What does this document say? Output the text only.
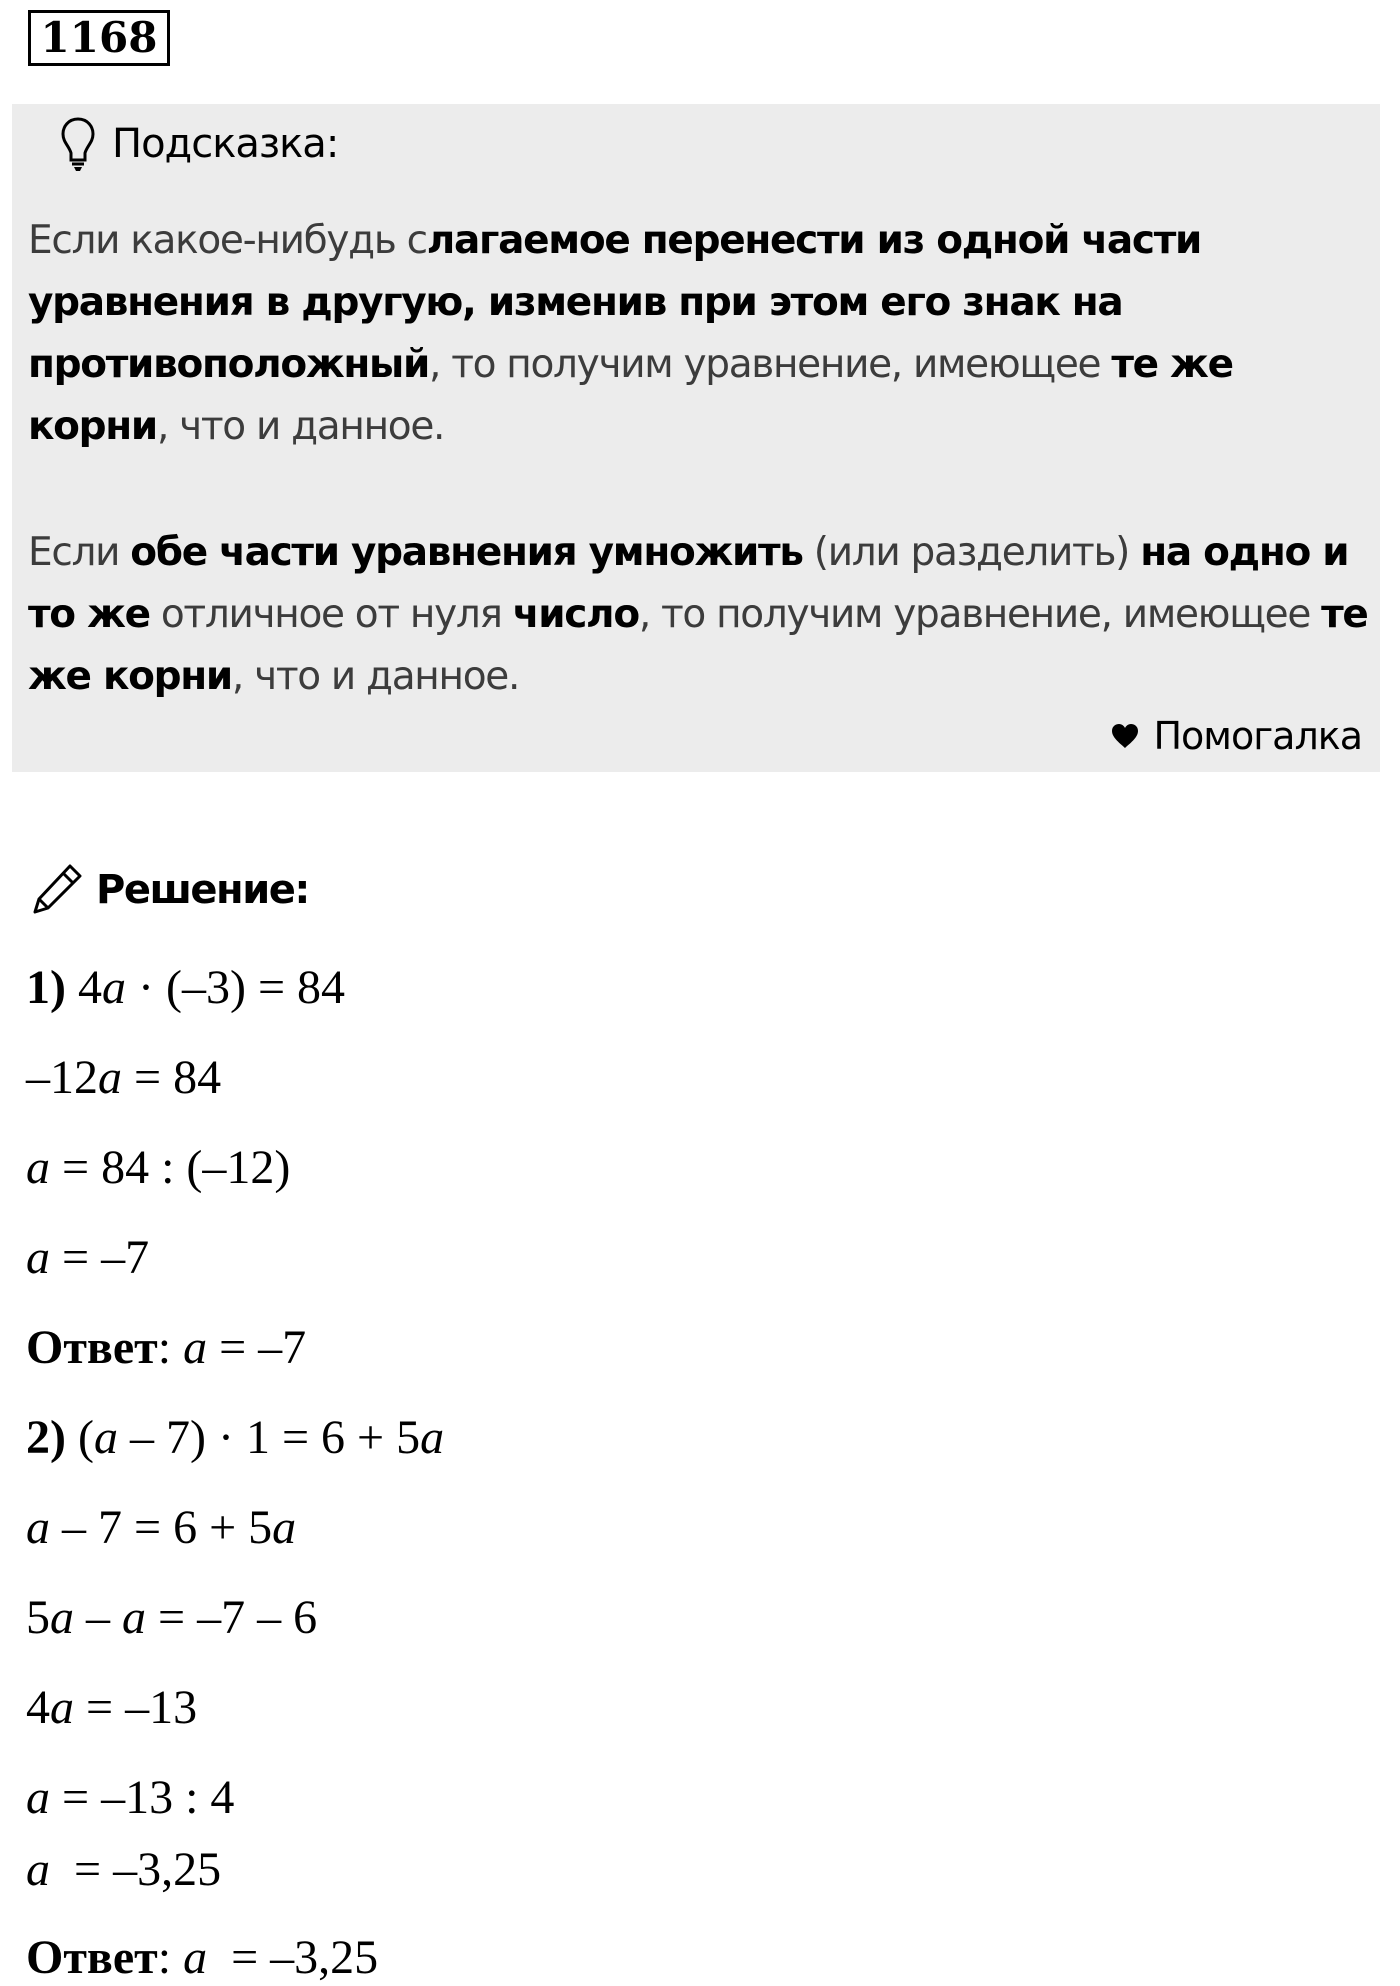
1168
Подсказка:
Если какое-нибудь слагаемое перенести из одной части уравнения в другую, изменив при этом его знак на противоположный, то получим уравнение, имеющее те же корни, что и данное.
Если обе части уравнения умножить (или разделить) на одно и то же отличное от нуля число, то получим уравнение, имеющее те же корни, что и данное.
Помогалка
Решение:
1) 4a · (–3) = 84
–12a = 84
a = 84 : (–12)
a = –7
Ответ: a = –7
2) (a – 7) · 1 = 6 + 5a
a – 7 = 6 + 5a
5a – a = –7 – 6
4a = –13
a = –13 : 4
a  = –3,25
Ответ: a  = –3,25
